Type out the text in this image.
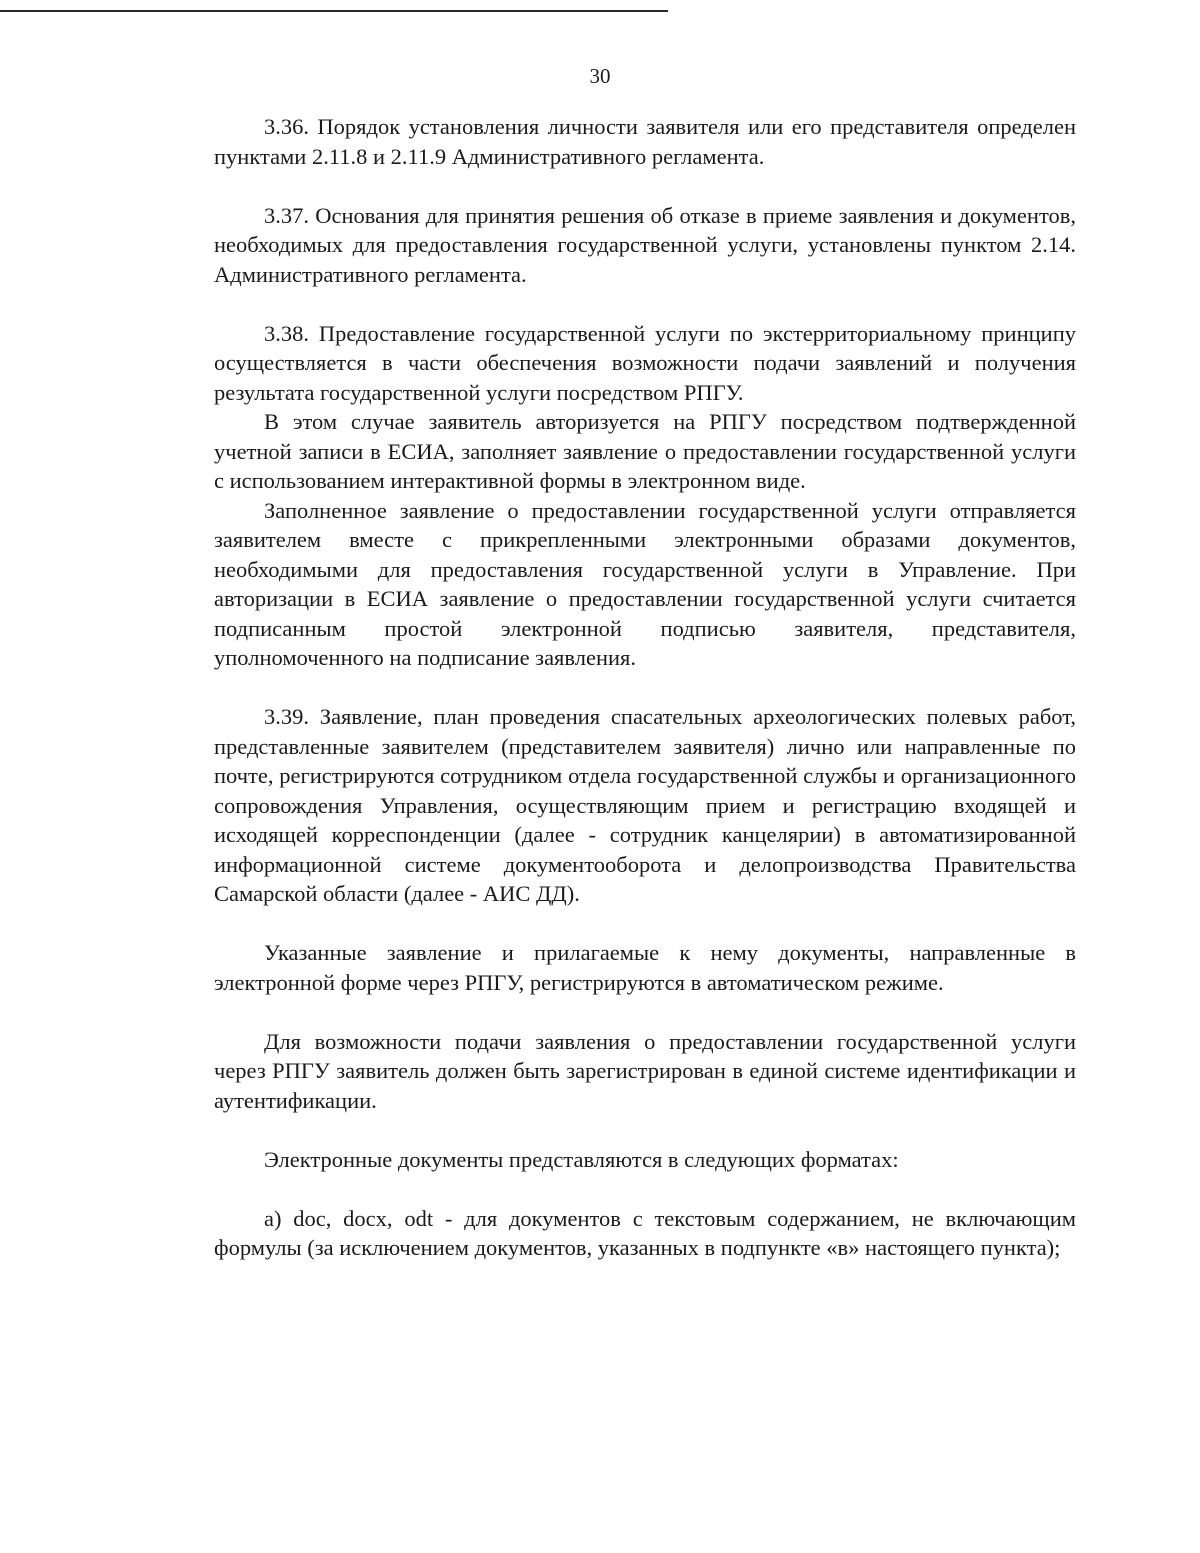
30

3.36. Порядок установления личности заявителя или его представителя определен пунктами 2.11.8 и 2.11.9 Административного регламента.

3.37. Основания для принятия решения об отказе в приеме заявления и документов, необходимых для предоставления государственной услуги, установлены пунктом 2.14. Административного регламента.

3.38. Предоставление государственной услуги по экстерриториальному принципу осуществляется в части обеспечения возможности подачи заявлений и получения результата государственной услуги посредством РПГУ.

В этом случае заявитель авторизуется на РПГУ посредством подтвержденной учетной записи в ЕСИА, заполняет заявление о предоставлении государственной услуги с использованием интерактивной формы в электронном виде.

Заполненное заявление о предоставлении государственной услуги отправляется заявителем вместе с прикрепленными электронными образами документов, необходимыми для предоставления государственной услуги в Управление. При авторизации в ЕСИА заявление о предоставлении государственной услуги считается подписанным простой электронной подписью заявителя, представителя, уполномоченного на подписание заявления.

3.39. Заявление, план проведения спасательных археологических полевых работ, представленные заявителем (представителем заявителя) лично или направленные по почте, регистрируются сотрудником отдела государственной службы и организационного сопровождения Управления, осуществляющим прием и регистрацию входящей и исходящей корреспонденции (далее - сотрудник канцелярии) в автоматизированной информационной системе документооборота и делопроизводства Правительства Самарской области (далее - АИС ДД).

Указанные заявление и прилагаемые к нему документы, направленные в электронной форме через РПГУ, регистрируются в автоматическом режиме.

Для возможности подачи заявления о предоставлении государственной услуги через РПГУ заявитель должен быть зарегистрирован в единой системе идентификации и аутентификации.

Электронные документы представляются в следующих форматах:

а) doc, docx, odt - для документов с текстовым содержанием, не включающим формулы (за исключением документов, указанных в подпункте «в» настоящего пункта);
